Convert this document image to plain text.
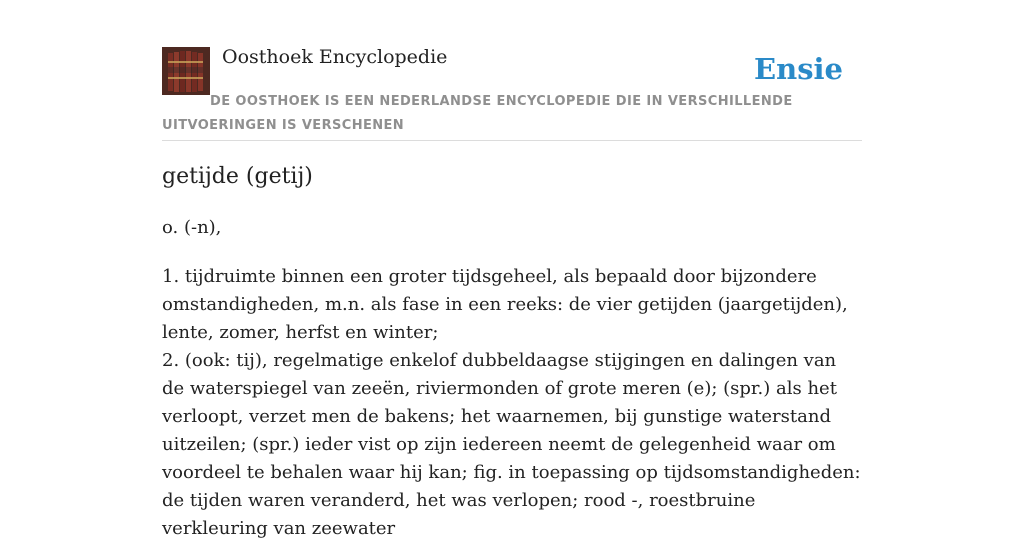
Oosthoek Encyclopedie	Ensie
DE OOSTHOEK IS EEN NEDERLANDSE ENCYCLOPEDIE DIE IN VERSCHILLENDE UITVOERINGEN IS VERSCHENEN
getijde (getij)

o. (-n),

1. tijdruimte binnen een groter tijdsgeheel, als bepaald door bijzondere omstandigheden, m.n. als fase in een reeks: de vier getijden (jaargetijden), lente, zomer, herfst en winter;
2. (ook: tij), regelmatige enkelof dubbeldaagse stijgingen en dalingen van de waterspiegel van zeeën, riviermonden of grote meren (e); (spr.) als het verloopt, verzet men de bakens; het waarnemen, bij gunstige waterstand uitzeilen; (spr.) ieder vist op zijn iedereen neemt de gelegenheid waar om voordeel te behalen waar hij kan; fig. in toepassing op tijdsomstandigheden: de tijden waren veranderd, het was verlopen; rood -, roestbruine verkleuring van zeewater
